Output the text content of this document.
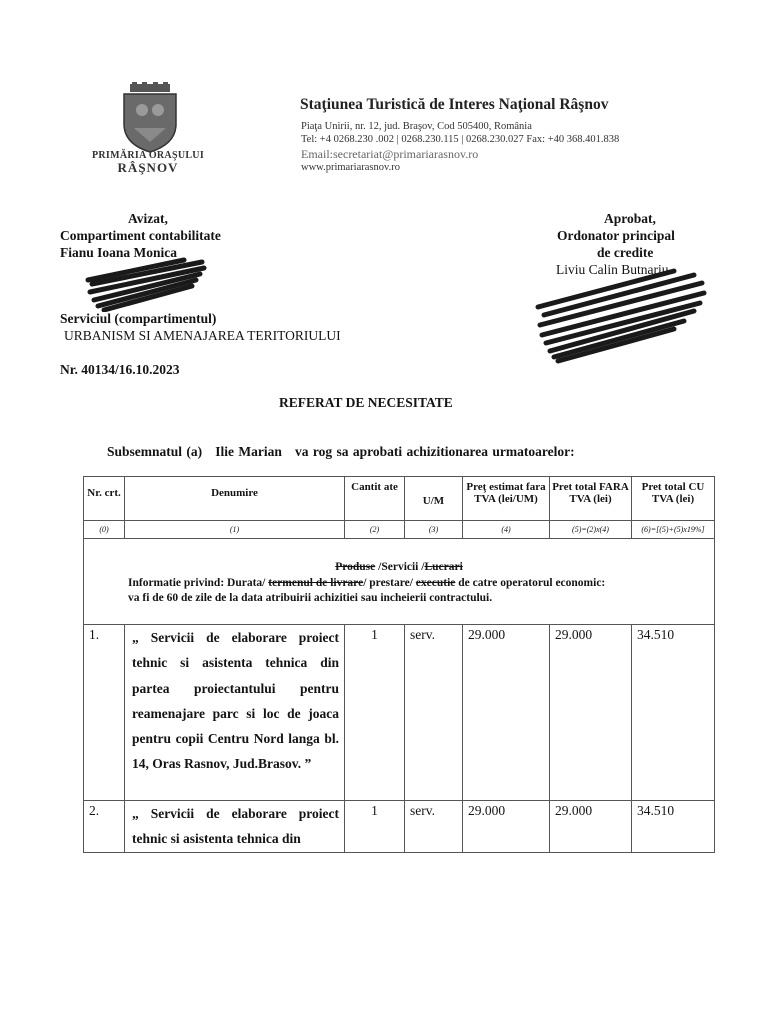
PRIMĂRIA ORAŞULUI
RÂŞNOV
Staţiunea Turistică de Interes Naţional Râşnov
Piaţa Unirii, nr. 12, jud. Braşov, Cod 505400, România
Tel: +4 0268.230 .002 | 0268.230.115 | 0268.230.027 Fax: +40 368.401.838
Email:secretariat@primariarasnov.ro
www.primariarasnov.ro
Avizat,
Compartiment contabilitate
Fianu Ioana Monica
Aprobat,
Ordonator principal
de credite
Liviu Calin Butnariu
Serviciul (compartimentul)
URBANISM SI AMENAJAREA TERITORIULUI
Nr. 40134/16.10.2023
REFERAT DE NECESITATE
Subsemnatul (a) Ilie Marian va rog sa aprobati achizitionarea urmatoarelor:
Nr. crt.	Denumire	Cantit ate	U/M	Preţ estimat fara TVA (lei/UM)	Pret total FARA TVA (lei)	Pret total CU TVA (lei)
(0)	(1)	(2)	(3)	(4)	(5)=(2)x(4)	(6)=[(5)+(5)x19%]

Produse /Servicii /Lucrari
Informatie privind: Durata/ termenul de livrare/ prestare/ executie de catre operatorul economic:
va fi de 60 de zile de la data atribuirii achizitiei sau incheierii contractului.						

1.	„ Servicii de elaborare proiect tehnic si asistenta tehnica din partea proiectantului pentru reamenajare parc si loc de joaca pentru copii Centru Nord langa bl. 14, Oras Rasnov, Jud.Brasov. ”	1	serv.	29.000	29.000	34.510
2.	„ Servicii de elaborare proiect tehnic si asistenta tehnica din	1	serv.	29.000	29.000	34.510
